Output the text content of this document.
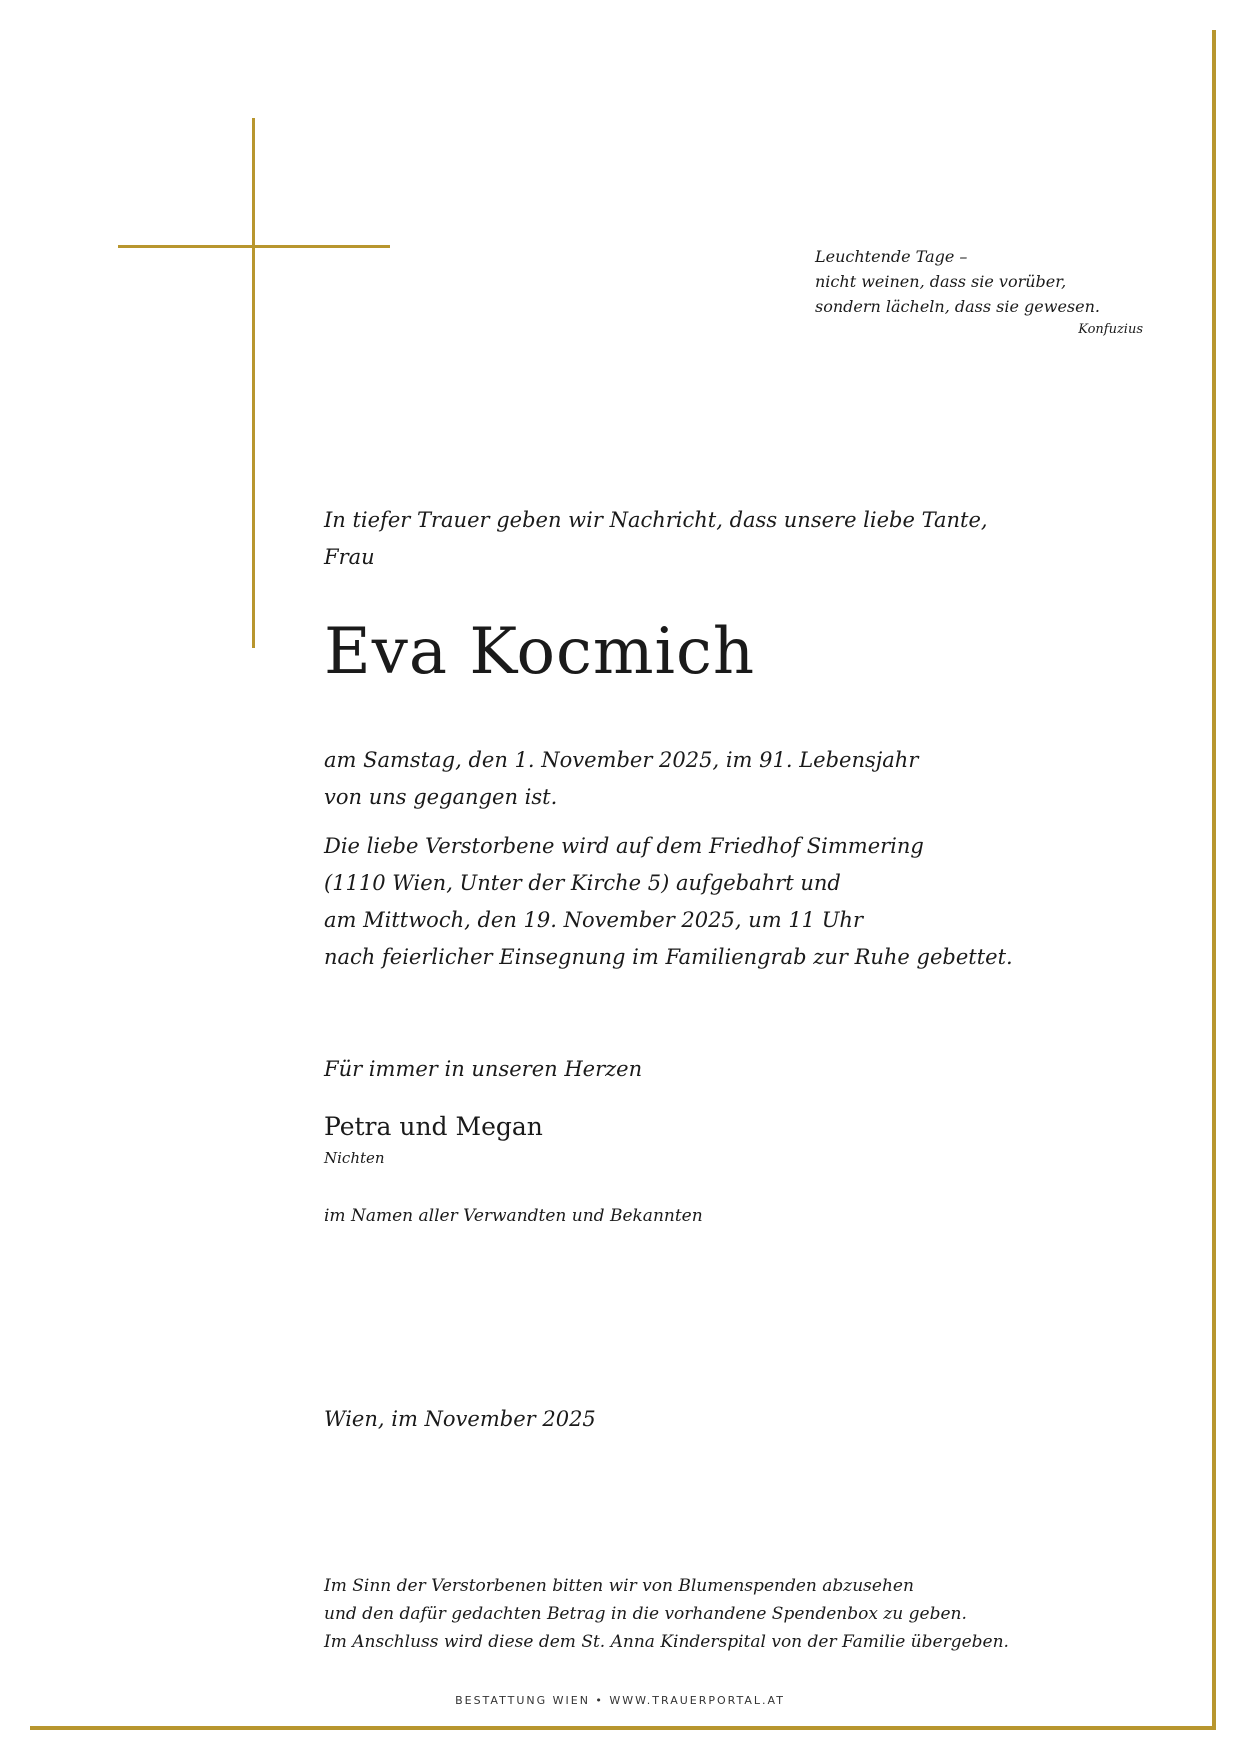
Leuchtende Tage –
nicht weinen, dass sie vorüber,
sondern lächeln, dass sie gewesen.
Konfuzius
In tiefer Trauer geben wir Nachricht, dass unsere liebe Tante,
Frau
Eva Kocmich
am Samstag, den 1. November 2025, im 91. Lebensjahr
von uns gegangen ist.
Die liebe Verstorbene wird auf dem Friedhof Simmering
(1110 Wien, Unter der Kirche 5) aufgebahrt und
am Mittwoch, den 19. November 2025, um 11 Uhr
nach feierlicher Einsegnung im Familiengrab zur Ruhe gebettet.
Für immer in unseren Herzen
Petra und Megan
Nichten
im Namen aller Verwandten und Bekannten
Wien, im November 2025
Im Sinn der Verstorbenen bitten wir von Blumenspenden abzusehen
und den dafür gedachten Betrag in die vorhandene Spendenbox zu geben.
Im Anschluss wird diese dem St. Anna Kinderspital von der Familie übergeben.
BESTATTUNG WIEN • WWW.TRAUERPORTAL.AT
